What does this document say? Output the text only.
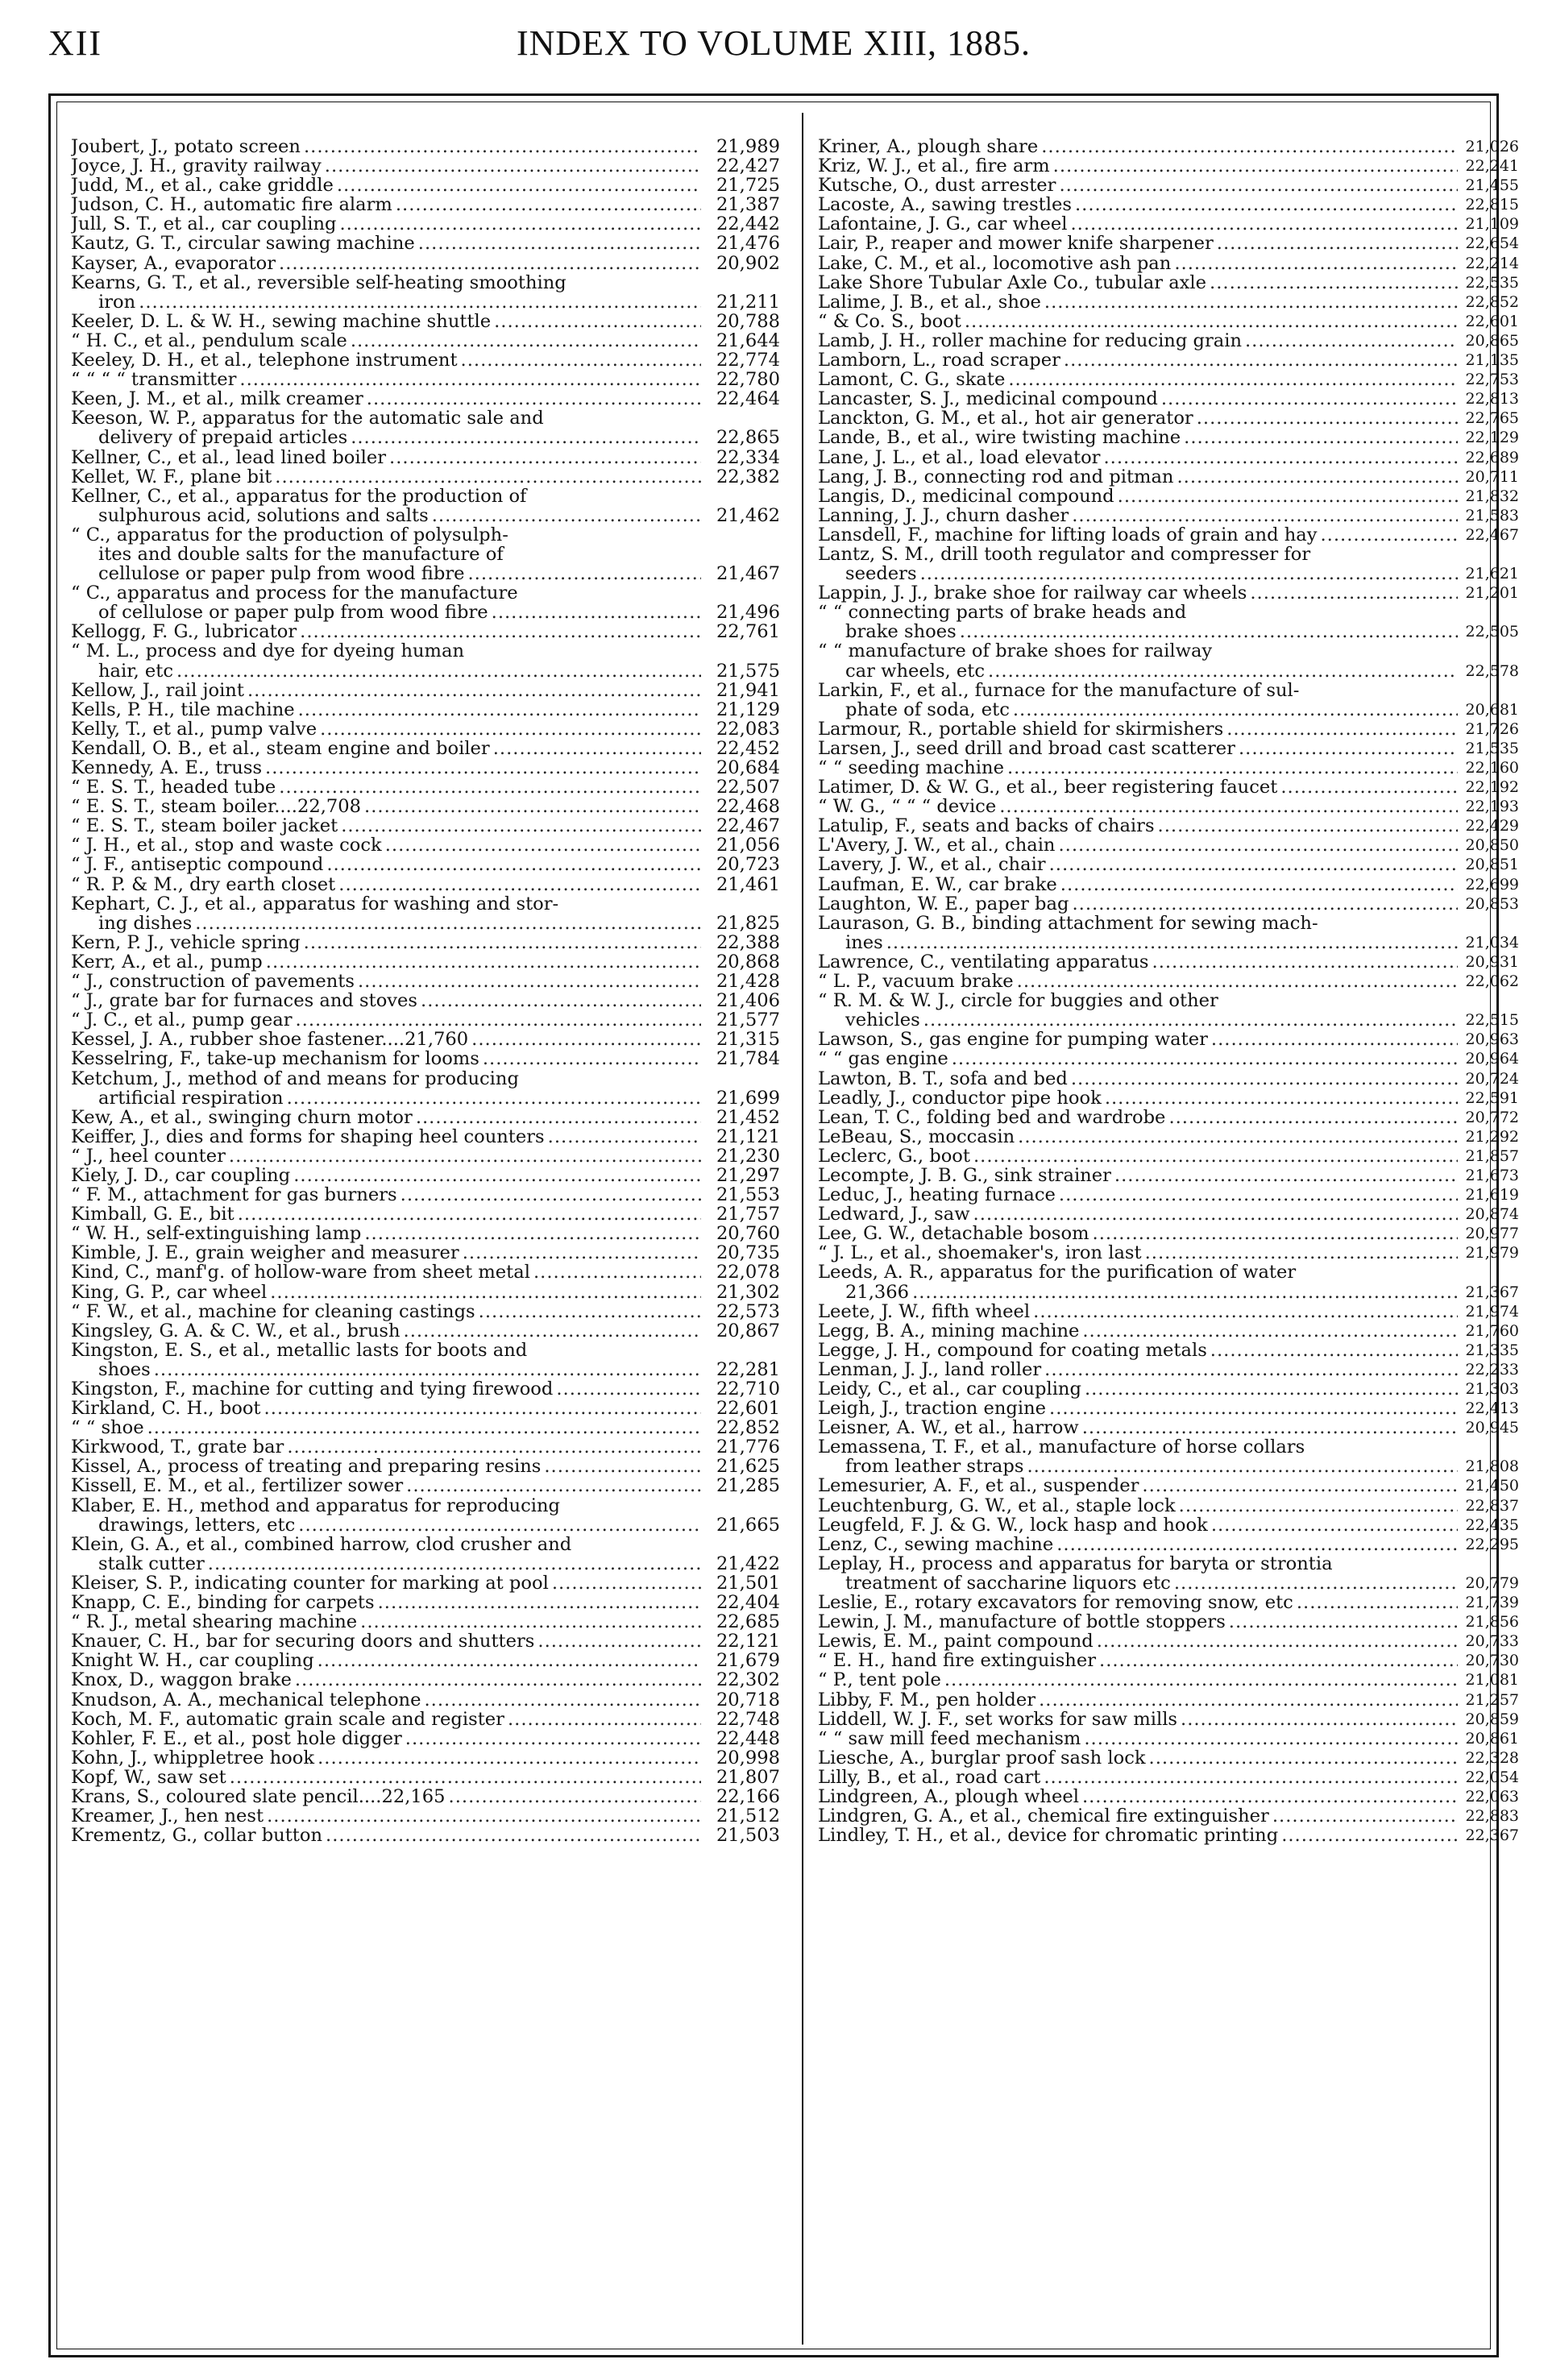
XII	INDEX TO VOLUME XIII, 1885.
Joubert, J., potato screen .....	21,989
Joyce, J. H., gravity railway .....	22,427
Judd, M., et al., cake griddle .....	21,725
Judson, C. H., automatic fire alarm .....	21,387
Jull, S. T., et al., car coupling .....	22,442
Kautz, G. T., circular sawing machine .....	21,476
Kayser, A., evaporator .....	20,902
Kearns, G. T., et al., reversible self-heating smoothing
iron .....	21,211
Keeler, D. L. & W. H., sewing machine shuttle .....	20,788
“ H. C., et al., pendulum scale .....	21,644
Keeley, D. H., et al., telephone instrument .....	22,774
“ “ “ “ transmitter .....	22,780
Keen, J. M., et al., milk creamer .....	22,464
Keeson, W. P., apparatus for the automatic sale and
delivery of prepaid articles .....	22,865
Kellner, C., et al., lead lined boiler .....	22,334
Kellet, W. F., plane bit .....	22,382
Kellner, C., et al., apparatus for the production of
sulphurous acid, solutions and salts .....	21,462
“ C., apparatus for the production of polysulph-
ites and double salts for the manufacture of
cellulose or paper pulp from wood fibre .....	21,467
“ C., apparatus and process for the manufacture
of cellulose or paper pulp from wood fibre .....	21,496
Kellogg, F. G., lubricator .....	22,761
“ M. L., process and dye for dyeing human
hair, etc .....	21,575
Kellow, J., rail joint .....	21,941
Kells, P. H., tile machine .....	21,129
Kelly, T., et al., pump valve .....	22,083
Kendall, O. B., et al., steam engine and boiler .....	22,452
Kennedy, A. E., truss .....	20,684
“ E. S. T., headed tube .....	22,507
“ E. S. T., steam boiler....22,708 .....	22,468
“ E. S. T., steam boiler jacket .....	22,467
“ J. H., et al., stop and waste cock .....	21,056
“ J. F., antiseptic compound .....	20,723
“ R. P. & M., dry earth closet .....	21,461
Kephart, C. J., et al., apparatus for washing and stor-
ing dishes .....	21,825
Kern, P. J., vehicle spring .....	22,388
Kerr, A., et al., pump .....	20,868
“ J., construction of pavements .....	21,428
“ J., grate bar for furnaces and stoves .....	21,406
“ J. C., et al., pump gear .....	21,577
Kessel, J. A., rubber shoe fastener....21,760 .....	21,315
Kesselring, F., take-up mechanism for looms .....	21,784
Ketchum, J., method of and means for producing
artificial respiration .....	21,699
Kew, A., et al., swinging churn motor .....	21,452
Keiffer, J., dies and forms for shaping heel counters .....	21,121
“ J., heel counter .....	21,230
Kiely, J. D., car coupling .....	21,297
“ F. M., attachment for gas burners .....	21,553
Kimball, G. E., bit .....	21,757
“ W. H., self-extinguishing lamp .....	20,760
Kimble, J. E., grain weigher and measurer .....	20,735
Kind, C., manf'g. of hollow-ware from sheet metal .....	22,078
King, G. P., car wheel .....	21,302
“ F. W., et al., machine for cleaning castings .....	22,573
Kingsley, G. A. & C. W., et al., brush .....	20,867
Kingston, E. S., et al., metallic lasts for boots and
shoes .....	22,281
Kingston, F., machine for cutting and tying firewood .....	22,710
Kirkland, C. H., boot .....	22,601
“ “ shoe .....	22,852
Kirkwood, T., grate bar .....	21,776
Kissel, A., process of treating and preparing resins .....	21,625
Kissell, E. M., et al., fertilizer sower .....	21,285
Klaber, E. H., method and apparatus for reproducing
drawings, letters, etc .....	21,665
Klein, G. A., et al., combined harrow, clod crusher and
stalk cutter .....	21,422
Kleiser, S. P., indicating counter for marking at pool .....	21,501
Knapp, C. E., binding for carpets .....	22,404
“ R. J., metal shearing machine .....	22,685
Knauer, C. H., bar for securing doors and shutters .....	22,121
Knight W. H., car coupling .....	21,679
Knox, D., waggon brake .....	22,302
Knudson, A. A., mechanical telephone .....	20,718
Koch, M. F., automatic grain scale and register .....	22,748
Kohler, F. E., et al., post hole digger .....	22,448
Kohn, J., whippletree hook .....	20,998
Kopf, W., saw set .....	21,807
Krans, S., coloured slate pencil....22,165 .....	22,166
Kreamer, J., hen nest .....	21,512
Krementz, G., collar button .....	21,503
Kriner, A., plough share .....	21,026
Kriz, W. J., et al., fire arm .....	22,241
Kutsche, O., dust arrester .....	21,455
Lacoste, A., sawing trestles .....	22,815
Lafontaine, J. G., car wheel .....	21,109
Lair, P., reaper and mower knife sharpener .....	22,654
Lake, C. M., et al., locomotive ash pan .....	22,214
Lake Shore Tubular Axle Co., tubular axle .....	22,535
Lalime, J. B., et al., shoe .....	22,852
“ & Co. S., boot .....	22,601
Lamb, J. H., roller machine for reducing grain .....	20,865
Lamborn, L., road scraper .....	21,135
Lamont, C. G., skate .....	22,753
Lancaster, S. J., medicinal compound .....	22,813
Lanckton, G. M., et al., hot air generator .....	22,765
Lande, B., et al., wire twisting machine .....	22,129
Lane, J. L., et al., load elevator .....	22,689
Lang, J. B., connecting rod and pitman .....	20,711
Langis, D., medicinal compound .....	21,832
Lanning, J. J., churn dasher .....	21,583
Lansdell, F., machine for lifting loads of grain and hay .....	22,467
Lantz, S. M., drill tooth regulator and compresser for
seeders .....	21,621
Lappin, J. J., brake shoe for railway car wheels .....	21,201
“ “ connecting parts of brake heads and
brake shoes .....	22,505
“ “ manufacture of brake shoes for railway
car wheels, etc .....	22,578
Larkin, F., et al., furnace for the manufacture of sul-
phate of soda, etc .....	20,681
Larmour, R., portable shield for skirmishers .....	21,726
Larsen, J., seed drill and broad cast scatterer .....	21,535
“ “ seeding machine .....	22,160
Latimer, D. & W. G., et al., beer registering faucet .....	22,192
“ W. G., “ “ “ device .....	22,193
Latulip, F., seats and backs of chairs .....	22,429
L'Avery, J. W., et al., chain .....	20,850
Lavery, J. W., et al., chair .....	20,851
Laufman, E. W., car brake .....	22,699
Laughton, W. E., paper bag .....	20,853
Laurason, G. B., binding attachment for sewing mach-
ines .....	21,034
Lawrence, C., ventilating apparatus .....	20,931
“ L. P., vacuum brake .....	22,062
“ R. M. & W. J., circle for buggies and other
vehicles .....	22,515
Lawson, S., gas engine for pumping water .....	20,963
“ “ gas engine .....	20,964
Lawton, B. T., sofa and bed .....	20,724
Leadly, J., conductor pipe hook .....	22,591
Lean, T. C., folding bed and wardrobe .....	20,772
LeBeau, S., moccasin .....	21,292
Leclerc, G., boot .....	21,857
Lecompte, J. B. G., sink strainer .....	21,673
Leduc, J., heating furnace .....	21,619
Ledward, J., saw .....	20,874
Lee, G. W., detachable bosom .....	20,977
“ J. L., et al., shoemaker's, iron last .....	21,979
Leeds, A. R., apparatus for the purification of water
21,366 .....	21,367
Leete, J. W., fifth wheel .....	21,974
Legg, B. A., mining machine .....	21,760
Legge, J. H., compound for coating metals .....	21,335
Lenman, J. J., land roller .....	22,233
Leidy, C., et al., car coupling .....	21,303
Leigh, J., traction engine .....	22,413
Leisner, A. W., et al., harrow .....	20,945
Lemassena, T. F., et al., manufacture of horse collars
from leather straps .....	21,808
Lemesurier, A. F., et al., suspender .....	21,450
Leuchtenburg, G. W., et al., staple lock .....	22,837
Leugfeld, F. J. & G. W., lock hasp and hook .....	22,435
Lenz, C., sewing machine .....	22,295
Leplay, H., process and apparatus for baryta or strontia
treatment of saccharine liquors etc .....	20,779
Leslie, E., rotary excavators for removing snow, etc .....	21,739
Lewin, J. M., manufacture of bottle stoppers .....	21,856
Lewis, E. M., paint compound .....	20,733
“ E. H., hand fire extinguisher .....	20,730
“ P., tent pole .....	21,081
Libby, F. M., pen holder .....	21,257
Liddell, W. J. F., set works for saw mills .....	20,859
“ “ saw mill feed mechanism .....	20,861
Liesche, A., burglar proof sash lock .....	22,328
Lilly, B., et al., road cart .....	22,054
Lindgreen, A., plough wheel .....	22,063
Lindgren, G. A., et al., chemical fire extinguisher .....	22,883
Lindley, T. H., et al., device for chromatic printing .....	22,367
